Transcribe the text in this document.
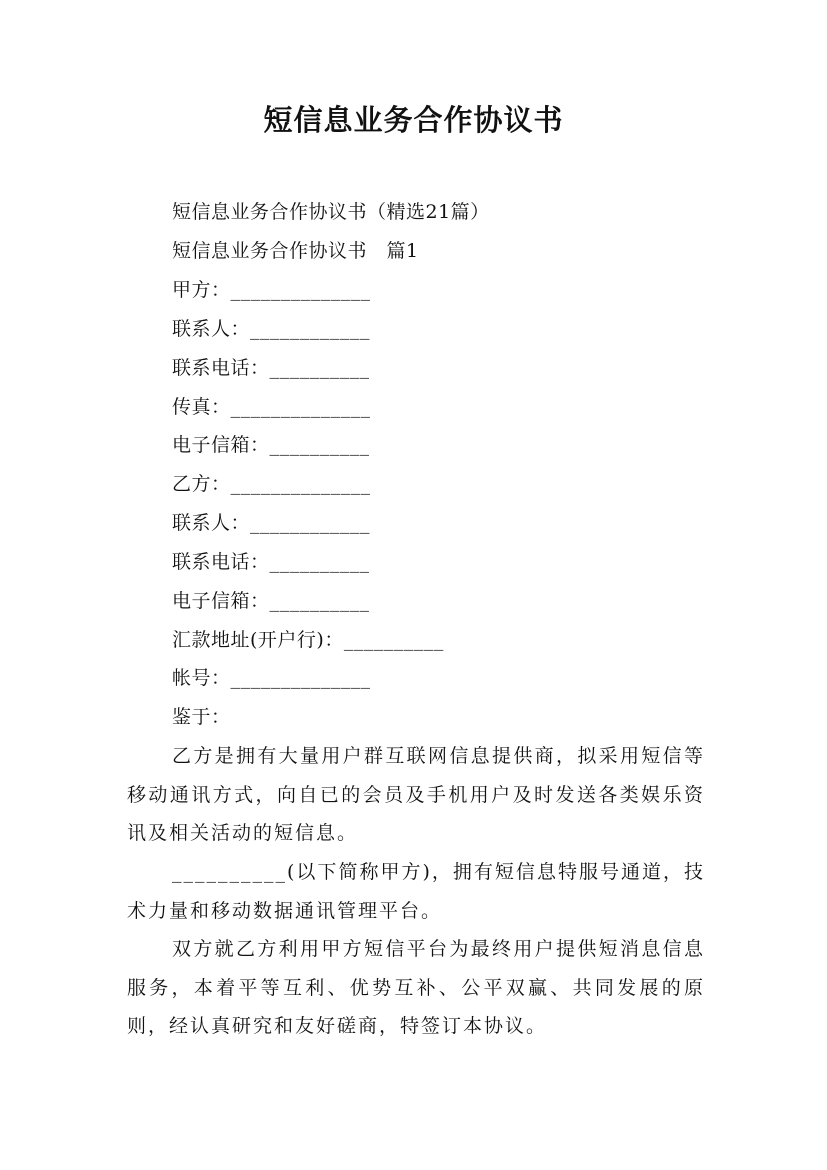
短信息业务合作协议书
短信息业务合作协议书（精选21篇）
短信息业务合作协议书　篇1
甲方：______________
联系人：____________
联系电话：__________
传真：______________
电子信箱：__________
乙方：______________
联系人：____________
联系电话：__________
电子信箱：__________
汇款地址(开户行)：__________
帐号：______________
鉴于：
乙方是拥有大量用户群互联网信息提供商，拟采用短信等移动通讯方式，向自已的会员及手机用户及时发送各类娱乐资讯及相关活动的短信息。
__________(以下简称甲方)，拥有短信息特服号通道，技术力量和移动数据通讯管理平台。
双方就乙方利用甲方短信平台为最终用户提供短消息信息服务，本着平等互利、优势互补、公平双赢、共同发展的原则，经认真研究和友好磋商，特签订本协议。
